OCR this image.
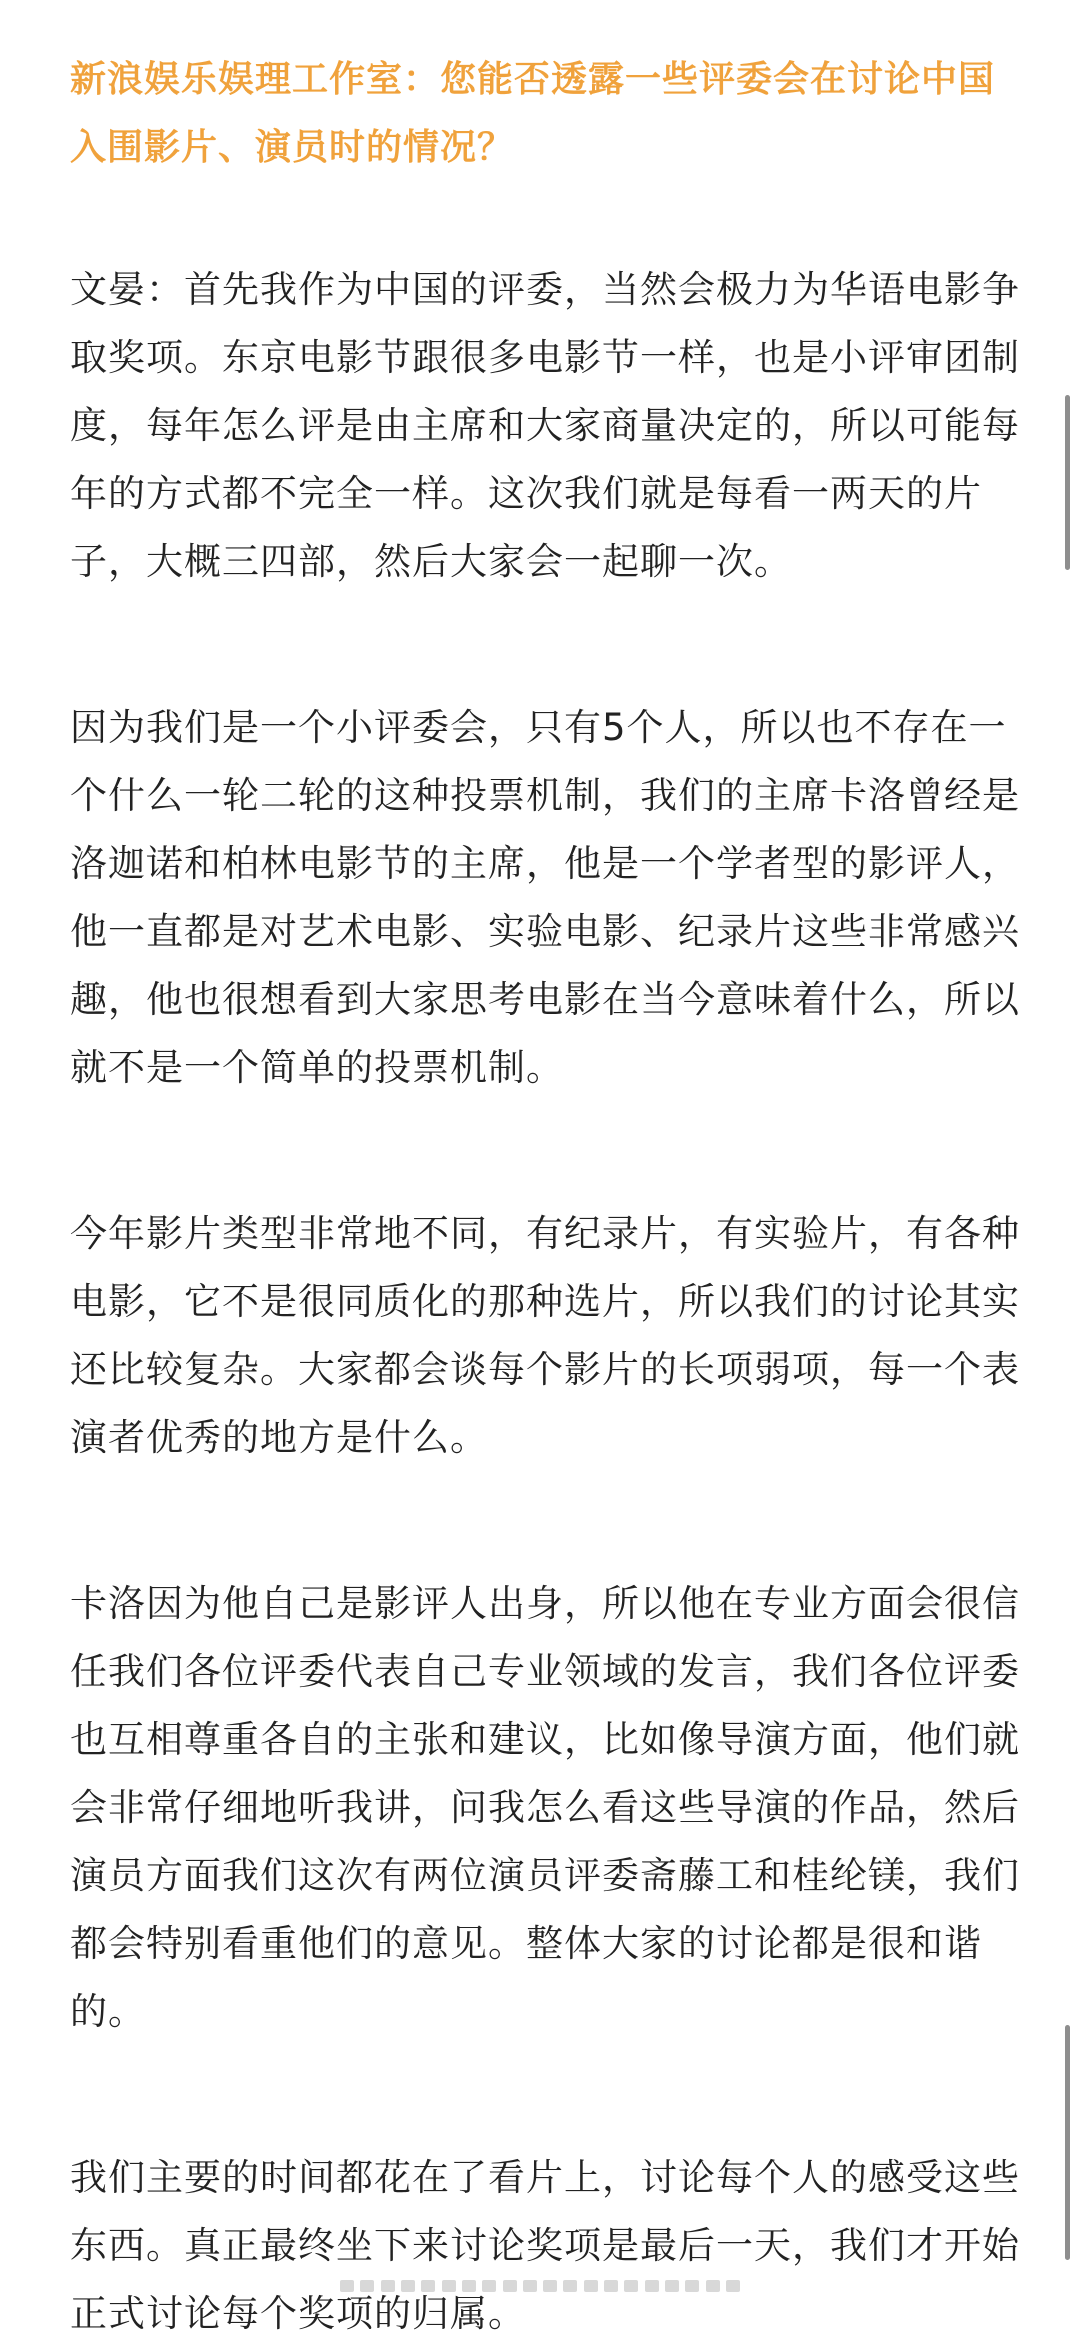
新浪娱乐娱理工作室：您能否透露一些评委会在讨论中国入围影片、演员时的情况？

文晏：首先我作为中国的评委，当然会极力为华语电影争取奖项。东京电影节跟很多电影节一样，也是小评审团制度，每年怎么评是由主席和大家商量决定的，所以可能每年的方式都不完全一样。这次我们就是每看一两天的片子，大概三四部，然后大家会一起聊一次。

因为我们是一个小评委会，只有5个人，所以也不存在一个什么一轮二轮的这种投票机制，我们的主席卡洛曾经是洛迦诺和柏林电影节的主席，他是一个学者型的影评人，他一直都是对艺术电影、实验电影、纪录片这些非常感兴趣，他也很想看到大家思考电影在当今意味着什么，所以就不是一个简单的投票机制。

今年影片类型非常地不同，有纪录片，有实验片，有各种电影，它不是很同质化的那种选片，所以我们的讨论其实还比较复杂。大家都会谈每个影片的长项弱项，每一个表演者优秀的地方是什么。

卡洛因为他自己是影评人出身，所以他在专业方面会很信任我们各位评委代表自己专业领域的发言，我们各位评委也互相尊重各自的主张和建议，比如像导演方面，他们就会非常仔细地听我讲，问我怎么看这些导演的作品，然后演员方面我们这次有两位演员评委斋藤工和桂纶镁，我们都会特别看重他们的意见。整体大家的讨论都是很和谐的。

我们主要的时间都花在了看片上，讨论每个人的感受这些东西。真正最终坐下来讨论奖项是最后一天，我们才开始正式讨论每个奖项的归属。
